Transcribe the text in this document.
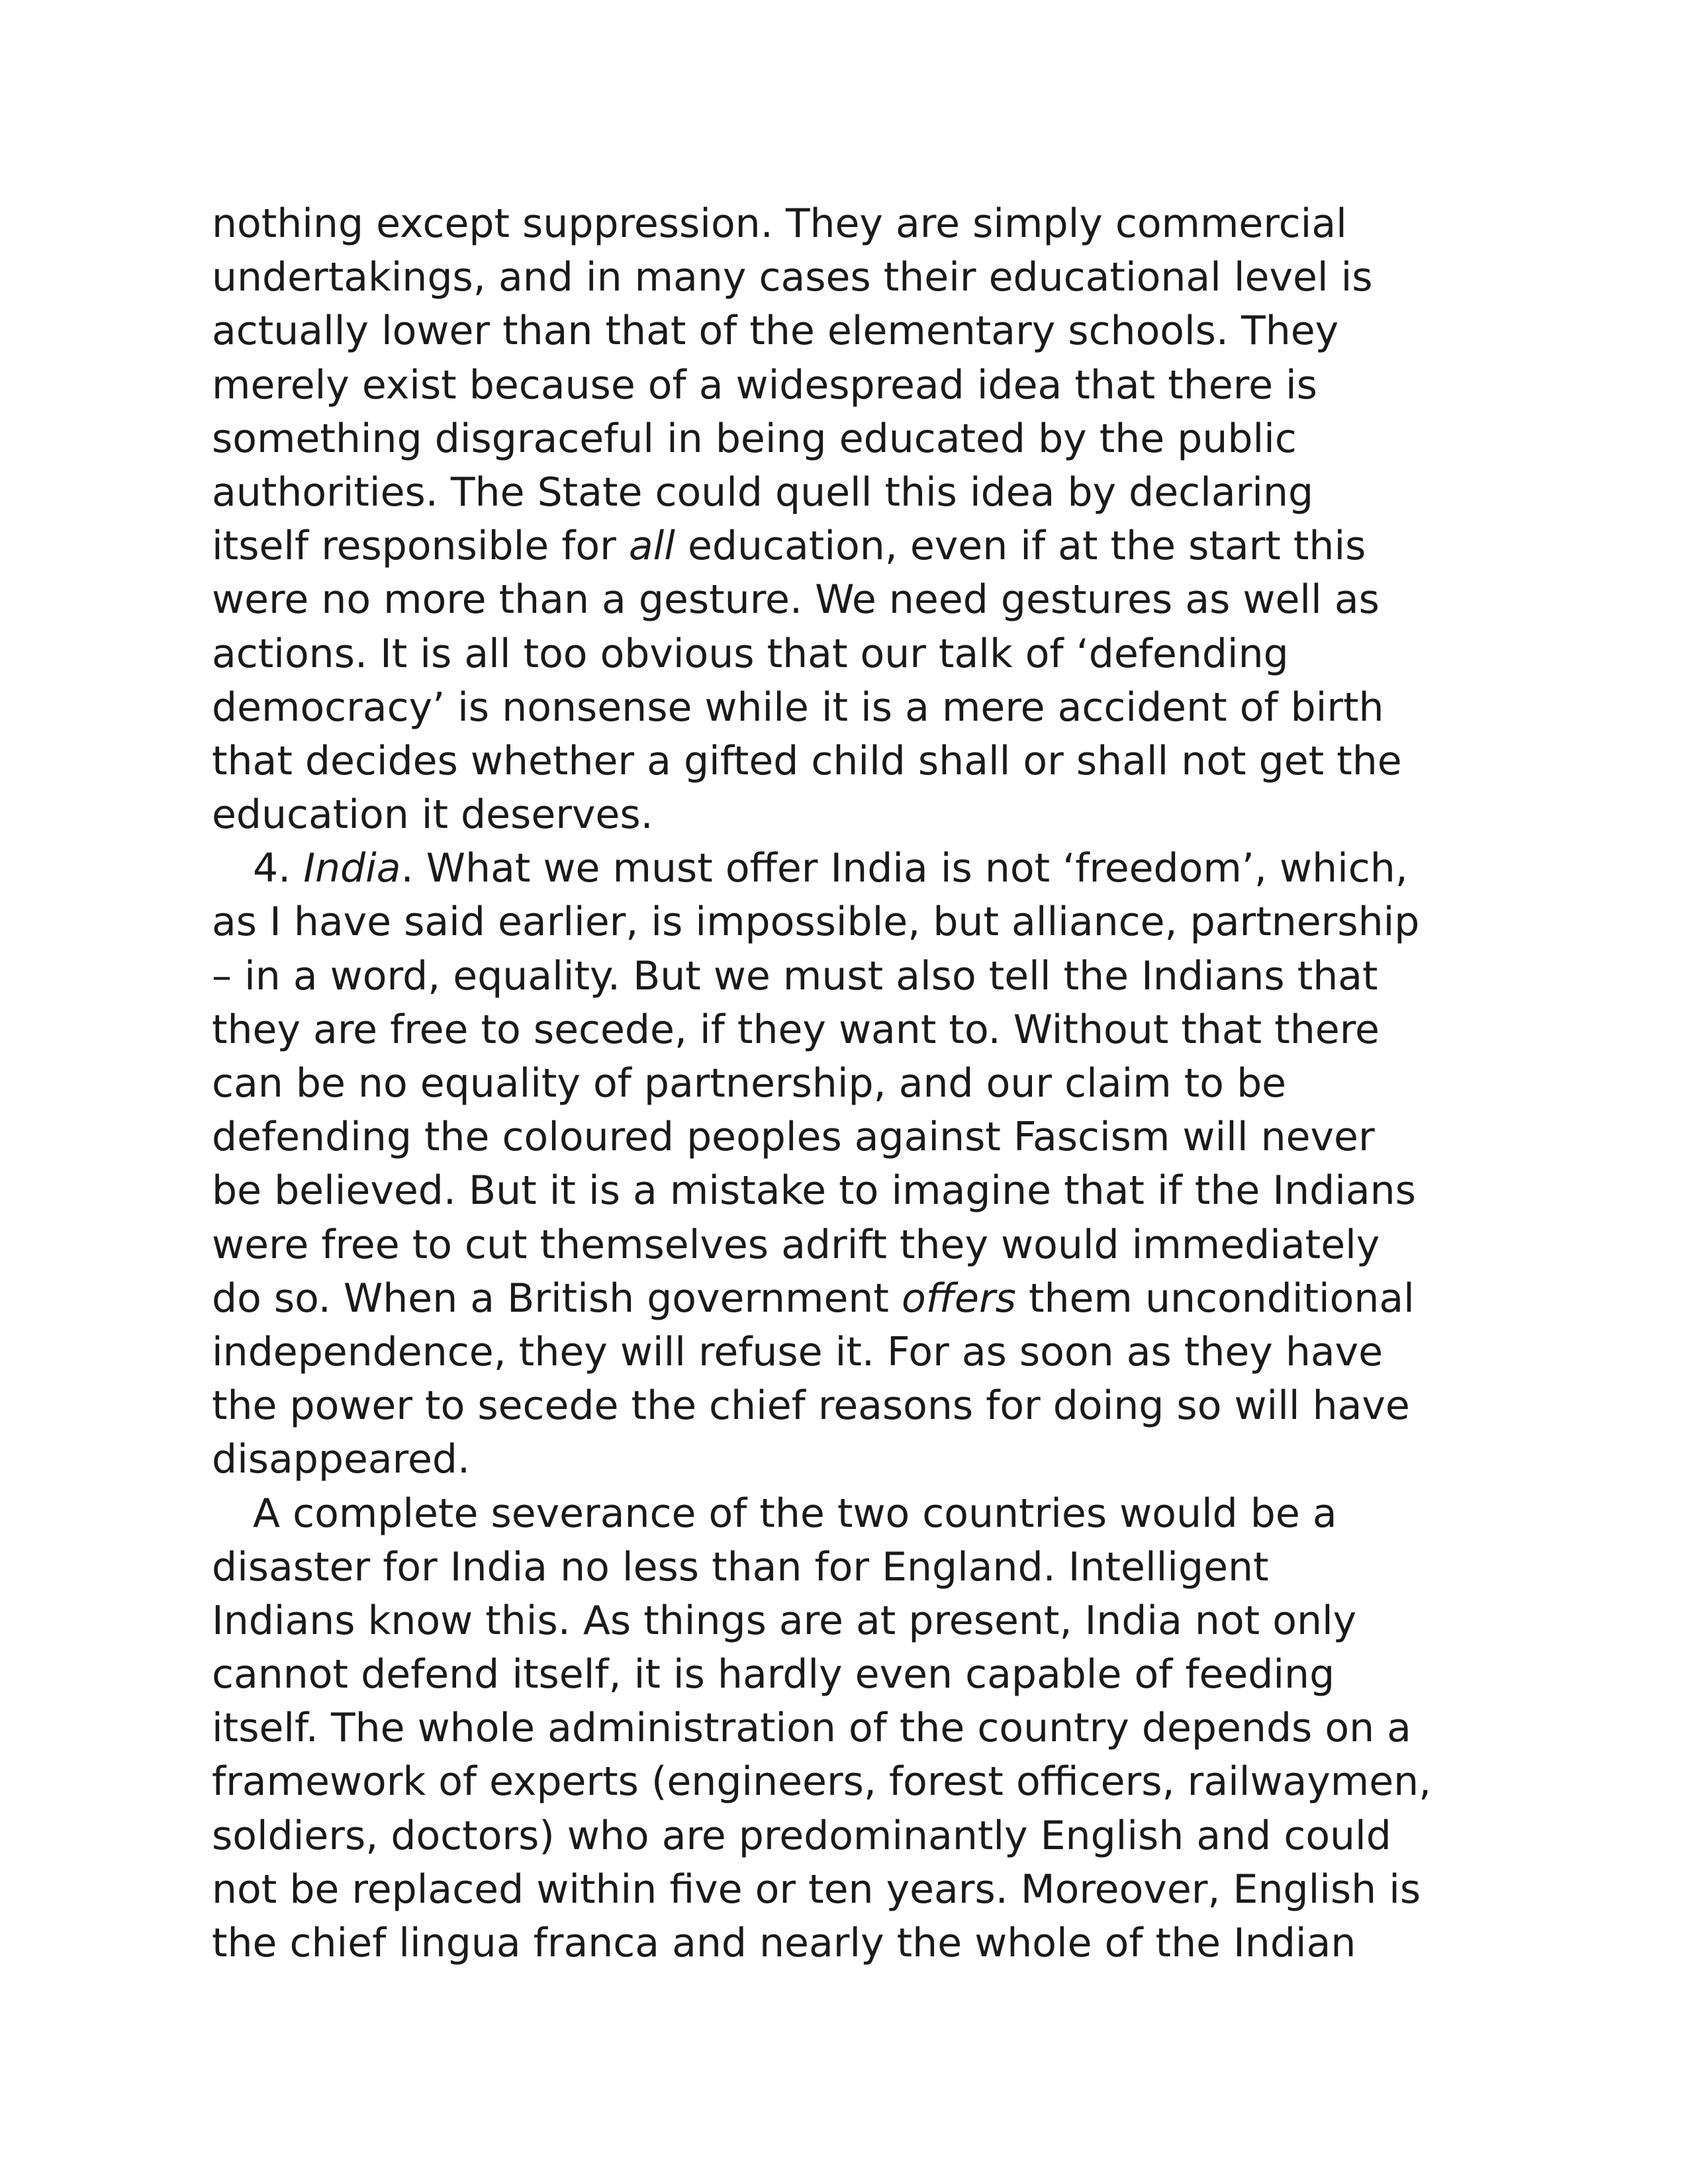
nothing except suppression. They are simply commercial
undertakings, and in many cases their educational level is
actually lower than that of the elementary schools. They
merely exist because of a widespread idea that there is
something disgraceful in being educated by the public
authorities. The State could quell this idea by declaring
itself responsible for all education, even if at the start this
were no more than a gesture. We need gestures as well as
actions. It is all too obvious that our talk of ‘defending
democracy’ is nonsense while it is a mere accident of birth
that decides whether a gifted child shall or shall not get the
education it deserves.
4. India. What we must offer India is not ‘freedom’, which,
as I have said earlier, is impossible, but alliance, partnership
– in a word, equality. But we must also tell the Indians that
they are free to secede, if they want to. Without that there
can be no equality of partnership, and our claim to be
defending the coloured peoples against Fascism will never
be believed. But it is a mistake to imagine that if the Indians
were free to cut themselves adrift they would immediately
do so. When a British government offers them unconditional
independence, they will refuse it. For as soon as they have
the power to secede the chief reasons for doing so will have
disappeared.
A complete severance of the two countries would be a
disaster for India no less than for England. Intelligent
Indians know this. As things are at present, India not only
cannot defend itself, it is hardly even capable of feeding
itself. The whole administration of the country depends on a
framework of experts (engineers, forest officers, railwaymen,
soldiers, doctors) who are predominantly English and could
not be replaced within five or ten years. Moreover, English is
the chief lingua franca and nearly the whole of the Indian
